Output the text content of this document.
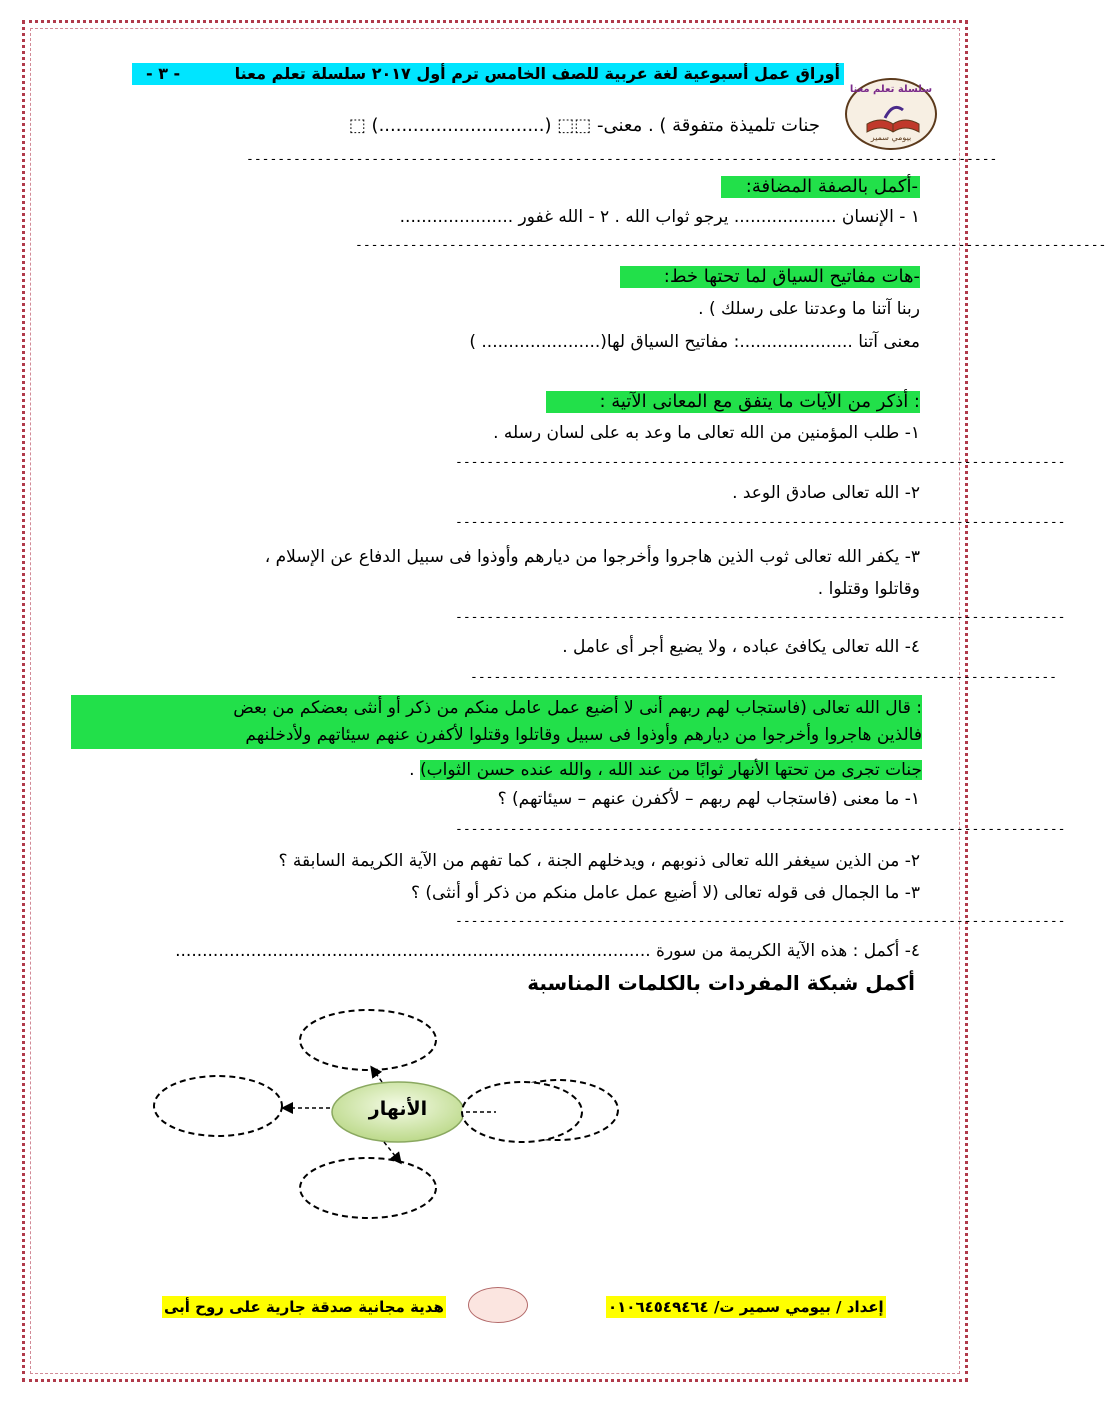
أوراق عمل أسبوعية لغة عربية للصف الخامس ترم أول ٢٠١٧ سلسلة تعلم معنا
- ٣ -
سلسلة تعلم معنا
بيومي سمير
جنات تلميذة متفوقة ) . معنى- ⬚⬚ (.............................) ⬚
------------------------------------------------------------------------------------------------
-أكمل بالصفة المضافة:
١ - الإنسان ................... يرجو ثواب الله . ٢ - الله غفور .....................
------------------------------------------------------------------------------------------------
-هات مفاتيح السياق لما تحتها خط:
ربنا آتنا ما وعدتنا على رسلك ) .
معنى آتنا .....................: مفاتيح السياق لها(...................... )
: أذكر من الآيات ما يتفق مع المعانى الآتية :
١- طلب المؤمنين من الله تعالى ما وعد به على لسان رسله .
------------------------------------------------------------------------------
٢- الله تعالى صادق الوعد .
------------------------------------------------------------------------------
٣- يكفر الله تعالى ثوب الذين هاجروا وأخرجوا من ديارهم وأوذوا فى سبيل الدفاع عن الإسلام ،
وقاتلوا وقتلوا .
------------------------------------------------------------------------------
٤- الله تعالى يكافئ عباده ، ولا يضيع أجر أى عامل .
---------------------------------------------------------------------------
: قال الله تعالى (فاستجاب لهم ربهم أنى لا أضيع عمل عامل منكم من ذكر أو أنثى بعضكم من بعض
فالذين هاجروا وأخرجوا من ديارهم وأوذوا فى سبيل وقاتلوا وقتلوا لأكفرن عنهم سيئاتهم ولأدخلنهم
جنات تجرى من تحتها الأنهار ثوابًا من عند الله ، والله عنده حسن الثواب) .
١- ما معنى (فاستجاب لهم ربهم – لأكفرن عنهم – سيئاتهم) ؟
------------------------------------------------------------------------------
٢- من الذين سيغفر الله تعالى ذنوبهم ، ويدخلهم الجنة ، كما تفهم من الآية الكريمة السابقة ؟
٣- ما الجمال فى قوله تعالى (لا أضيع عمل عامل منكم من ذكر أو أنثى) ؟
------------------------------------------------------------------------------
٤- أكمل : هذه الآية الكريمة من سورة ........................................................................................
أكمل شبكة المفردات بالكلمات المناسبة
الأنهار
هدية مجانية صدقة جارية على روح أبى	إعداد / بيومي سمير ت/ ٠١٠٦٤٥٤٩٤٦٤
